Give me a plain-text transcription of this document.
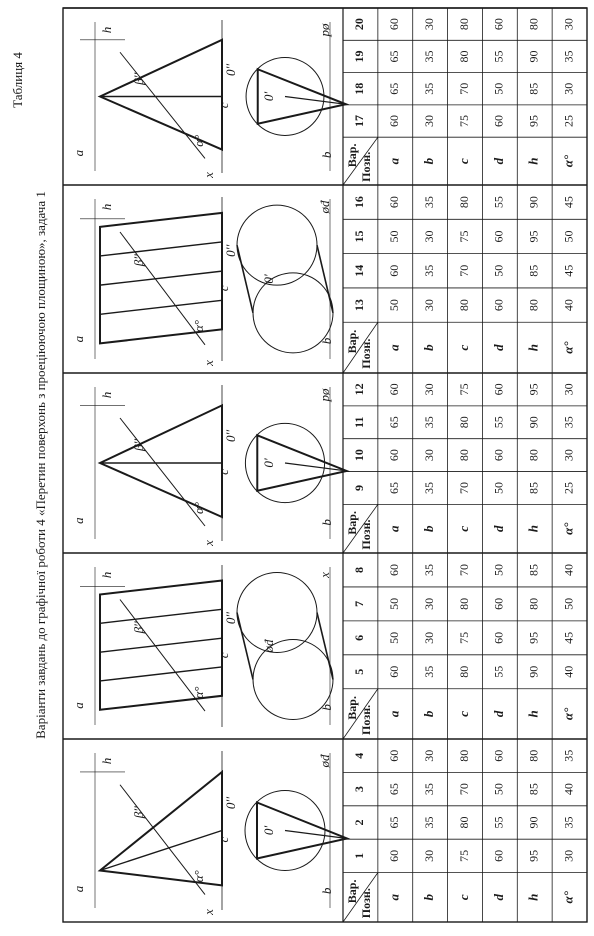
Таблиця 4
Варіанти завдань до графічної роботи 4 «Перетин поверхонь з проеціюючою площиною», задача 1
Вар. Позн.
1
2
3
4
a
60
65
65
60
b
30
35
35
30
c
75
80
70
80
d
60
55
50
60
h
95
90
85
80
α°
30
35
40
35
a
c
h
b
β''
α°
0''
0'
øđ
x
Вар. Позн.
5
6
7
8
a
60
50
50
60
b
35
30
30
35
c
80
75
80
70
d
55
60
60
50
h
90
95
80
85
α°
40
45
50
40
a
c
h
b
β''
α°
0''
øđ
x
Вар. Позн.
9
10
11
12
a
65
60
65
60
b
35
30
35
30
c
70
80
80
75
d
50
60
55
60
h
85
80
90
95
α°
25
30
35
30
a
c
h
b
β''
α°
0''
0'
pø
x
Вар. Позн.
13
14
15
16
a
50
60
50
60
b
30
35
30
35
c
80
70
75
80
d
60
50
60
55
h
80
85
95
90
α°
40
45
50
45
a
c
h
b
β''
α°
0''
0'
øđ
x
Вар. Позн.
17
18
19
20
a
60
65
65
60
b
30
35
35
30
c
75
70
80
80
d
60
50
55
60
h
95
85
90
80
α°
25
30
35
30
a
c
h
b
β''
α°
0''
0'
pø
x
